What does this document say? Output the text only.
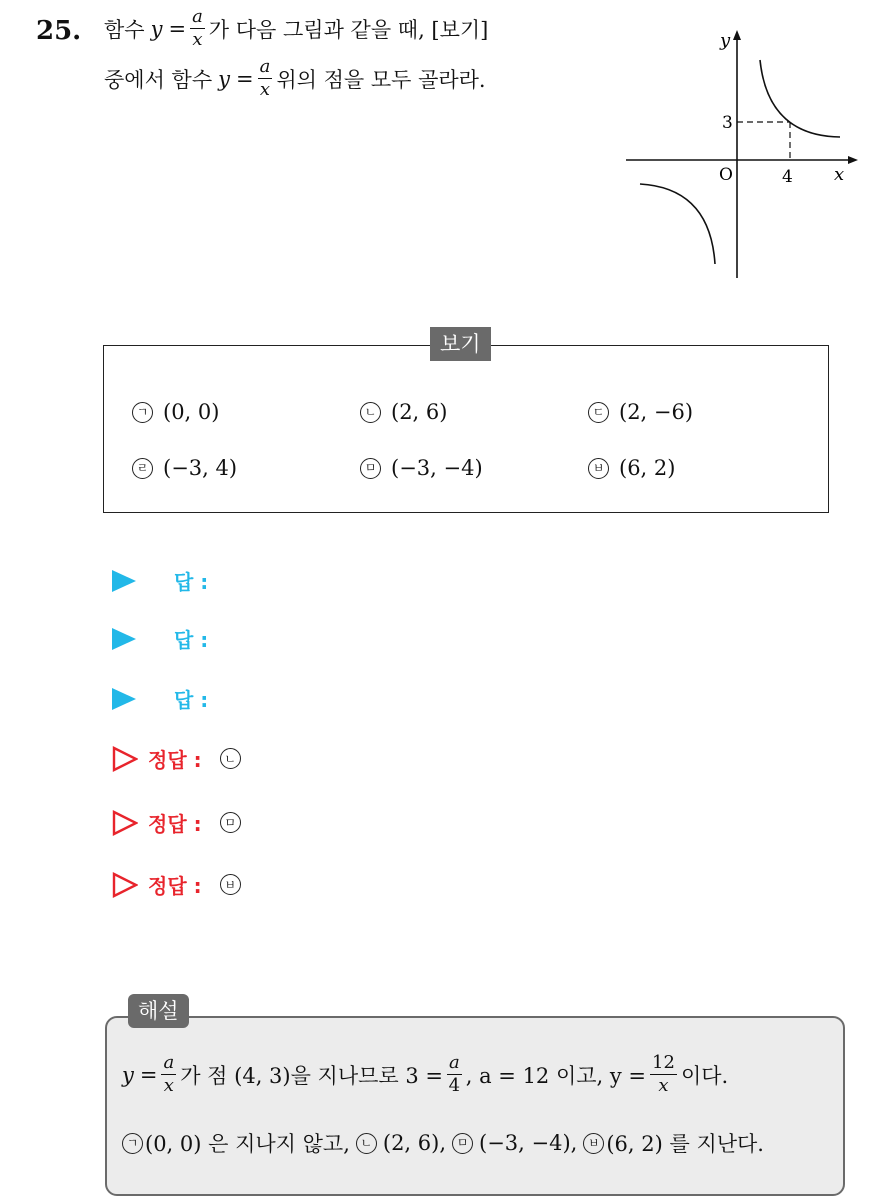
25. 함수 $y = \frac{a}{x}$ 가 다음 그림과 같을 때, [보기]
중에서 함수 $y = \frac{a}{x}$ 위의 점을 모두 골라라.
y
x
O	4
3
보기
ㄱ (0, 0)	ㄴ (2, 6)	ㄷ (2, −6)
ㄹ (−3, 4)	ㅁ (−3, −4)	ㅂ (6, 2)
답 :
답 :
답 :
정답 :	ㄴ
정답 :	ㅁ
정답 :	ㅂ
해설
$y = \frac{a}{x}$ 가 점 (4, 3)을 지나므로 $3 = \frac{a}{4}$ , a = 12 이고, $y = \frac{12}{x}$ 이다.
ㄱ (0, 0) 은 지나지 않고, ㄴ (2, 6), ㅁ (−3, −4), ㅂ (6, 2) 를 지난다.
